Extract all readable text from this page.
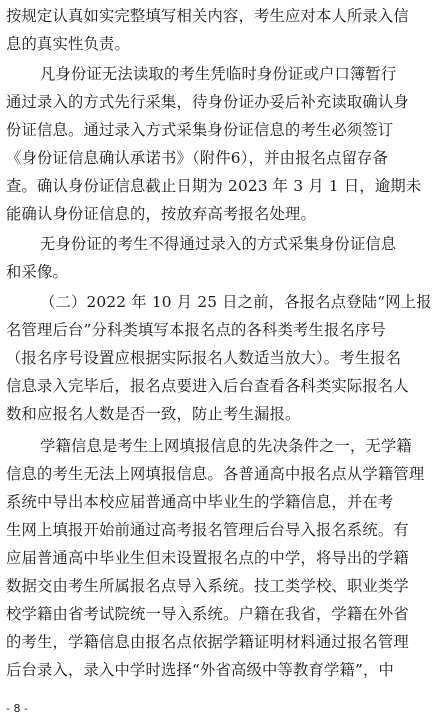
按规定认真如实完整填写相关内容，考生应对本人所录入信
息的真实性负责。
凡身份证无法读取的考生凭临时身份证或户口簿暂行
通过录入的方式先行采集，待身份证办妥后补充读取确认身
份证信息。通过录入方式采集身份证信息的考生必须签订
《身份证信息确认承诺书》（附件6），并由报名点留存备
查。确认身份证信息截止日期为 2023 年 3 月 1 日，逾期未
能确认身份证信息的，按放弃高考报名处理。
无身份证的考生不得通过录入的方式采集身份证信息
和采像。
（二）2022 年 10 月 25 日之前，各报名点登陆“网上报
名管理后台”分科类填写本报名点的各科类考生报名序号
（报名序号设置应根据实际报名人数适当放大）。考生报名
信息录入完毕后，报名点要进入后台查看各科类实际报名人
数和应报名人数是否一致，防止考生漏报。
学籍信息是考生上网填报信息的先决条件之一，无学籍
信息的考生无法上网填报信息。各普通高中报名点从学籍管理
系统中导出本校应届普通高中毕业生的学籍信息，并在考
生网上填报开始前通过高考报名管理后台导入报名系统。有
应届普通高中毕业生但未设置报名点的中学，将导出的学籍
数据交由考生所属报名点导入系统。技工类学校、职业类学
校学籍由省考试院统一导入系统。户籍在我省，学籍在外省
的考生，学籍信息由报名点依据学籍证明材料通过报名管理
后台录入，录入中学时选择“外省高级中等教育学籍”，中
- 8 -
